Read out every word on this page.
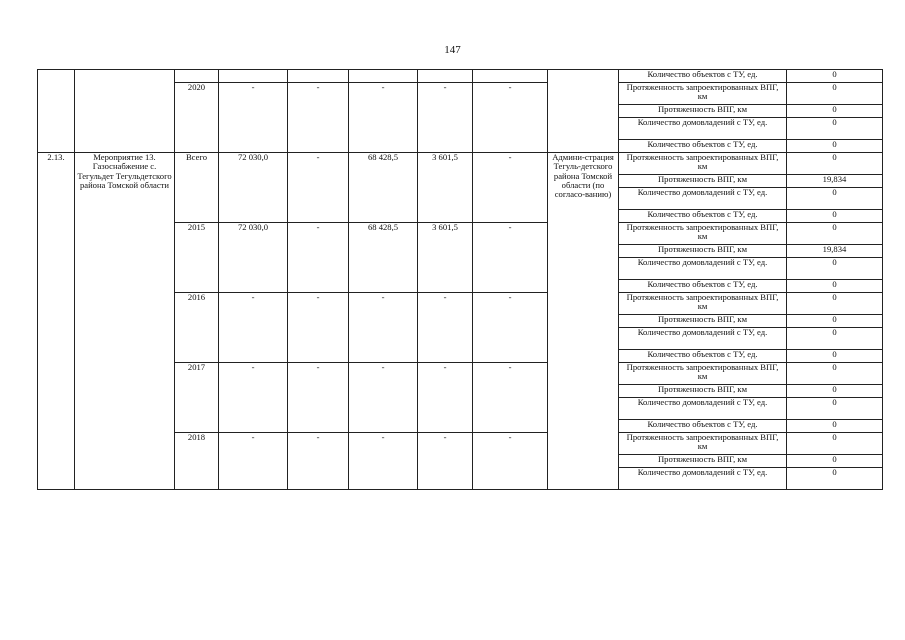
147
									Количество объектов с ТУ, ед.	0
		2020	-	-	-	-	-		Протяженность запроектированных ВПГ, км	0
									Протяженность ВПГ, км	0
									Количество домовладений с ТУ, ед.	0
									Количество объектов с ТУ, ед.	0
2.13.	Мероприятие 13. Газоснабжение с. Тегульдет Тегульдетского района Томской области	Всего	72 030,0	-	68 428,5	3 601,5	-	Админи-страция Тегуль-детского района Томской области (по согласо-ванию)	Протяженность запроектированных ВПГ, км	0
									Протяженность ВПГ, км	19,834
									Количество домовладений с ТУ, ед.	0
									Количество объектов с ТУ, ед.	0
		2015	72 030,0	-	68 428,5	3 601,5	-		Протяженность запроектированных ВПГ, км	0
									Протяженность ВПГ, км	19,834
									Количество домовладений с ТУ, ед.	0
									Количество объектов с ТУ, ед.	0
		2016	-	-	-	-	-		Протяженность запроектированных ВПГ, км	0
									Протяженность ВПГ, км	0
									Количество домовладений с ТУ, ед.	0
									Количество объектов с ТУ, ед.	0
		2017	-	-	-	-	-		Протяженность запроектированных ВПГ, км	0
									Протяженность ВПГ, км	0
									Количество домовладений с ТУ, ед.	0
									Количество объектов с ТУ, ед.	0
		2018	-	-	-	-	-		Протяженность запроектированных ВПГ, км	0
									Протяженность ВПГ, км	0
									Количество домовладений с ТУ, ед.	0
